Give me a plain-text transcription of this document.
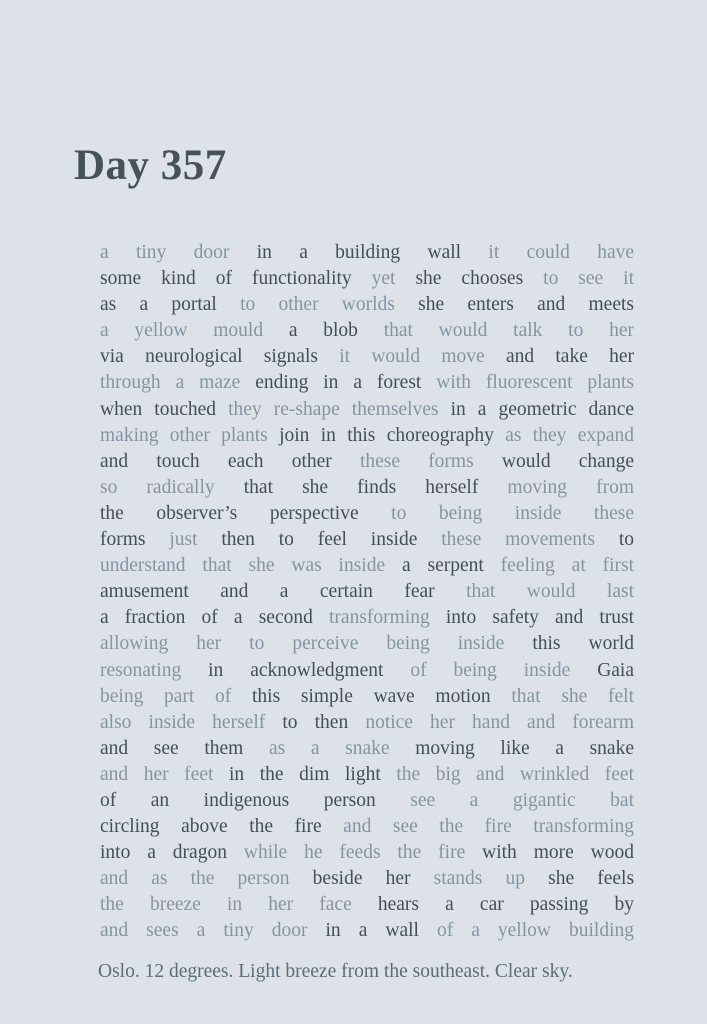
Day 357
a tiny door in a building wall it could have
some kind of functionality yet she chooses to see it
as a portal to other worlds she enters and meets
a yellow mould a blob that would talk to her
via neurological signals it would move and take her
through a maze ending in a forest with fluorescent plants
when touched they re-shape themselves in a geometric dance
making other plants join in this choreography as they expand
and touch each other these forms would change
so radically that she finds herself moving from
the observer’s perspective to being inside these
forms just then to feel inside these movements to
understand that she was inside a serpent feeling at first
amusement and a certain fear that would last
a fraction of a second transforming into safety and trust
allowing her to perceive being inside this world
resonating in acknowledgment of being inside Gaia
being part of this simple wave motion that she felt
also inside herself to then notice her hand and forearm
and see them as a snake moving like a snake
and her feet in the dim light the big and wrinkled feet
of an indigenous person see a gigantic bat
circling above the fire and see the fire transforming
into a dragon while he feeds the fire with more wood
and as the person beside her stands up she feels
the breeze in her face hears a car passing by
and sees a tiny door in a wall of a yellow building
Oslo. 12 degrees. Light breeze from the southeast. Clear sky.
